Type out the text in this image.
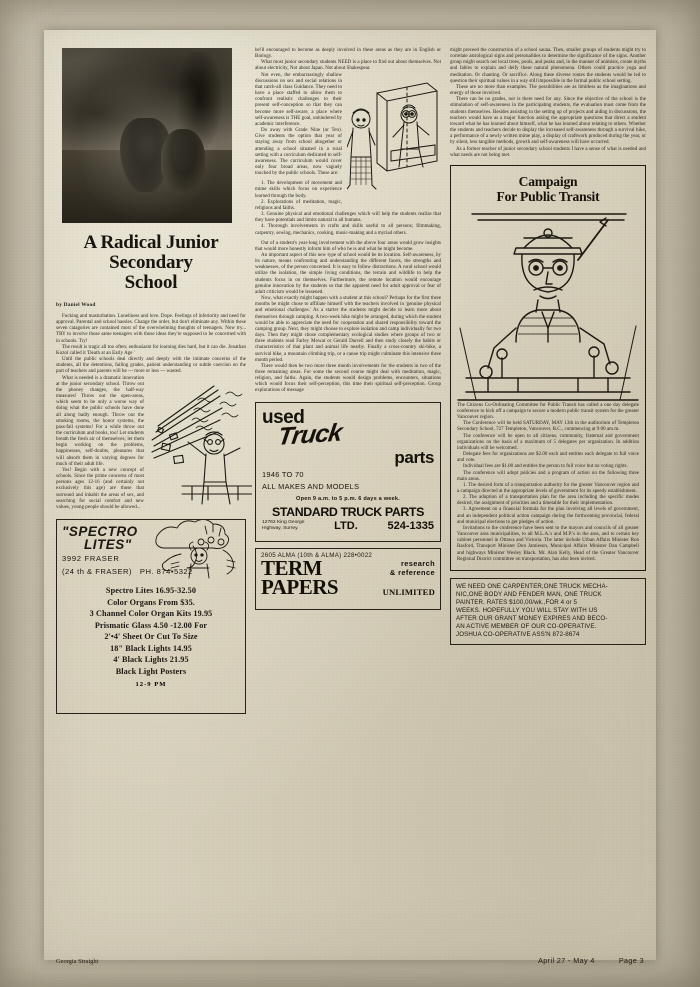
A Radical Junior
Secondary
School
by Daniel Wood

Fucking and masturbation. Loneliness and love. Dope. Feelings of inferiority and need for approval. Parental and school hassles. Change the order, but don't eliminate any. Within these seven catagories are contained most of the overwhelming thoughts of teenagers. Now try... TRY to involve those same teenagers with those ideas they're supposed to be concerned with in schools. Try!

The result is tragic all too often; enthusiasm for learning dies hard, but it can die. Jonathan Kozol called it 'Death at an Early Age '

Until the public schools deal directly and deeply with the intimate concerns of the students, all the detentions, failing grades, patient understanding or subtle coercion on the part of teachers and parents will be --- more or less --- wasted.

What is needed is a dramatic innovation at the junior secondary school. Throw out the phoney changes, the half-way measures! Throw out the open-areas, which seem to be only a worse way of doing what the public schools have done all along badly enough. Throw out the smoking rooms, the honor systems, the pass-fail systems! For a while throw out the curriculum and books, too! Let students breath the fresh air of themselves; let them begin working on the problems, happinesses, self-doubts, pleasures that will absorb them in varying degrees for much of their adult life.

Yes! Begin with a new concept of schools. Since the prime concerns of most persons ages 12-16 (and certainly not exclusively this age) are those that surround and inhabit the areas of sex, and searching for social comfort and new values, young people should be allowed...

"SPECTRO
LITES"
3992 FRASER
(24 th & FRASER) PH. 874•5322
Spectro Lites 16.95-32.50
Color Organs From $35.
3 Channel Color Organ Kits 19.95
Prismatic Glass 4.50 -12.00 For
2'•4' Sheet Or Cut To Size
18" Black Lights 14.95
4' Black Lights 21.95
Black Light Posters
12-9 PM

be!ll encouraged to become as deeply involved in these areas as they are in English or Biology.

What most junior secondary students NEED is a place to find out about themselves. Not about electricity, Not about Japan. Not about Shakespear.

Not even, the embarrassingly shallow discussions on sex and social relations in that catch-all class Guidance. They need to have a place staffed to allow them to confront realistic challenges to their present self-conception so that they can become more self-aware, a place where self-awareness is THE goal, unhindered by academic interference.

Do away with Grade Nine (or Ten). Give students the option that year of staying away from school altogether or attending a school situated in a rural setting with a curriculum dedicated to self-awareness. The curriculum would cover only four broad areas, now vaguely touched by the public schools. These are:

1. The development of movement and mime skills which focus on experience learned through the body.

2. Explorations of meditation, magic, religions and faiths.

3. Genuine physical and emotional challenges which will help the students realize that they have potentials and limits natural to all humans.

4. Thorough involvements in crafts and skills useful to all persons; filmmaking, carpentry, sewing, mechanics, cooking, music-making and a myriad others.

Out of a student's year-long involvement with the above four areas would grow insights that would more honestly inform him of who he is and what he might become.

An important aspect of this new type of school would be its location. Self-awareness, by its nature, means confronting and understanding the different facets, the strengths and weaknesses, of the person concerned. It is easy to follow distractions. A rural school would utilize the isolation, the simple living conditions, the terrain and wildlife to help the students focus in on themselves. Furthermore, the remote location would encourage genuine innovation by the students so that the apparent need for adult approval or fear of adult criticism would be lessened.

Now, what exactly might happen with a student at this school? Perhaps for the first three months be might chose to affiliate himself with the teachers involved in 'genuine physical and emotional challenges.' As a starter the students might decide to learn more about themselves through camping. A two-week hike might be arranged, during which the student would be able to appreciate the need for cooperation and shared responsibility toward the camping group. Next, they might choose to explore isolation and camp individually for two days. Then they might chose complementary ecological studies where groups of two or three students read Farley Mowat or Gerald Durrell and then study closely the habits or characteristics of that plant and animal life nearby. Finally a cross-country ski-hike, a survival hike, a mountain climbing trip, or a canoe trip might culminate this intensive three month period.

There would then be two more three month involvements for the students in two of the three remaining areas. For some the second course might deal with meditation, magic, religion, and faiths. Again, the students would design problems, encounters, situations which would focus their self-perception, this time their spiritual self-preception. Group explorations of message

used
Truck
parts
1946 TO 70
ALL MAKES AND MODELS
Open 9 a.m. to 5 p.m. 6 days a week.
STANDARD TRUCK PARTS
12762 King George
Highway, Surrey.	LTD.	524-1335
2605 ALMA (10th & ALMA) 228•0022
TERM	research
& reference
PAPERS	UNLIMITED

might preceed the construction of a school sauna. Then, smaller groups of students might try to correlate astrological signs and personalities to determine the significance of the signs. Another group might search out local trees, pools, and peaks and, in the manner of animists, create myths and fables to explain and deify these natural phenomena. Others could practice yoga and meditation. Or chanting. Or sacrifice. Along these diverse routes the students would be led to question their spiritual values in a way still impossible in the formal public school setting.

These are no more than examples. The possibilities are as limitless as the imaginations and energy of those involved.

There can be no grades, nor is there need for any. Since the objective of the school is the stimulation of self-awareness in the participating students, the evaluation must come from the students themselves. Besides assisting in the setting up of projects and aiding in discussions, the teachers would have as a major function asking the appropriate questions that direct a student toward what he has learned about himself, what he has learned about relating to others. Whether the students and teachers decide to display the increased self-awareness through a survival hike, a performance of a newly written mime play, a display of craftwork produced during the year, or by silent, less tangible methods, growth and self-awareness will have occurred.

As a former teacher of junior secondary school students I have a sense of what is needed and what needs are not being met.

Campaign
For Public Transit

The Citizens Co-Ordinating Committee for Public Transit has called a one day delegate conference to kick off a campaign to secure a modern public transit system for the greater Vancouver region.

The Conference will be held SATURDAY, MAY 13th in the auditorium of Templeton Secondary School, 727 Templeton, Vancouver, B.C., commencing at 9:00 am.m.

The conference will be open to all citizens, community, fraternal and government organizations on the basis of a maximum of 5 delegates per organization. In addition individuals will be welcomed.

Delegate fees for organizations are $2.00 each and entitles each delegate to full voice and vote.

Individual fees are $1.00 and entitles the person to full voice but no voting rights.

The conference will adopt policies and a program of action on the following three main areas.

1. The desired form of a transportation authority for the greater Vancouver region and a campaign directed at the appropriate levels of government for its speedy establishment.

2. The adoption of a transportation plan for the area including the specific modes desired, the assignment of priorities and a timetable for their implementation.

3. Agreement on a financial formula for the plan involving all levels of government, and an independent political action campaign during the forthcoming provincial, federal and municipal elections to get pledges of action.

Invitations to the conference have been sent to the mayors and councils of all greater Vancouver area municipalities, to all M.L.A.'s and M.P.'s in the area, and to certain key cabinet personnel in Ottawa and Victoria. The latter include Urban Affairs Minister Ron Basford, Transport Minister Don Jamieson, Municipal Affairs Minister Dan Campbell and highways Minister Wesley Black. Mr. Alan Kelly, Head of the Greater Vancouver Regional District committee on transportation, has also been invited.

WE NEED ONE CARPENTER,ONE TRUCK MECHA-
NIC,ONE BODY AND FENDER MAN, ONE TRUCK
PAINTER. RATES $100,00/wk.,FOR 4 or 5
WEEKS. HOPEFULLY YOU WILL STAY WITH US
AFTER OUR GRANT MONEY EXPIRES AND BECO-
AN ACTIVE MEMBER OF OUR CO-OPERATIVE.
JOSHUA CO-OPERATIVE ASS'N 872-8674
Georgia Straight	April 27 - May 4	Page 3
